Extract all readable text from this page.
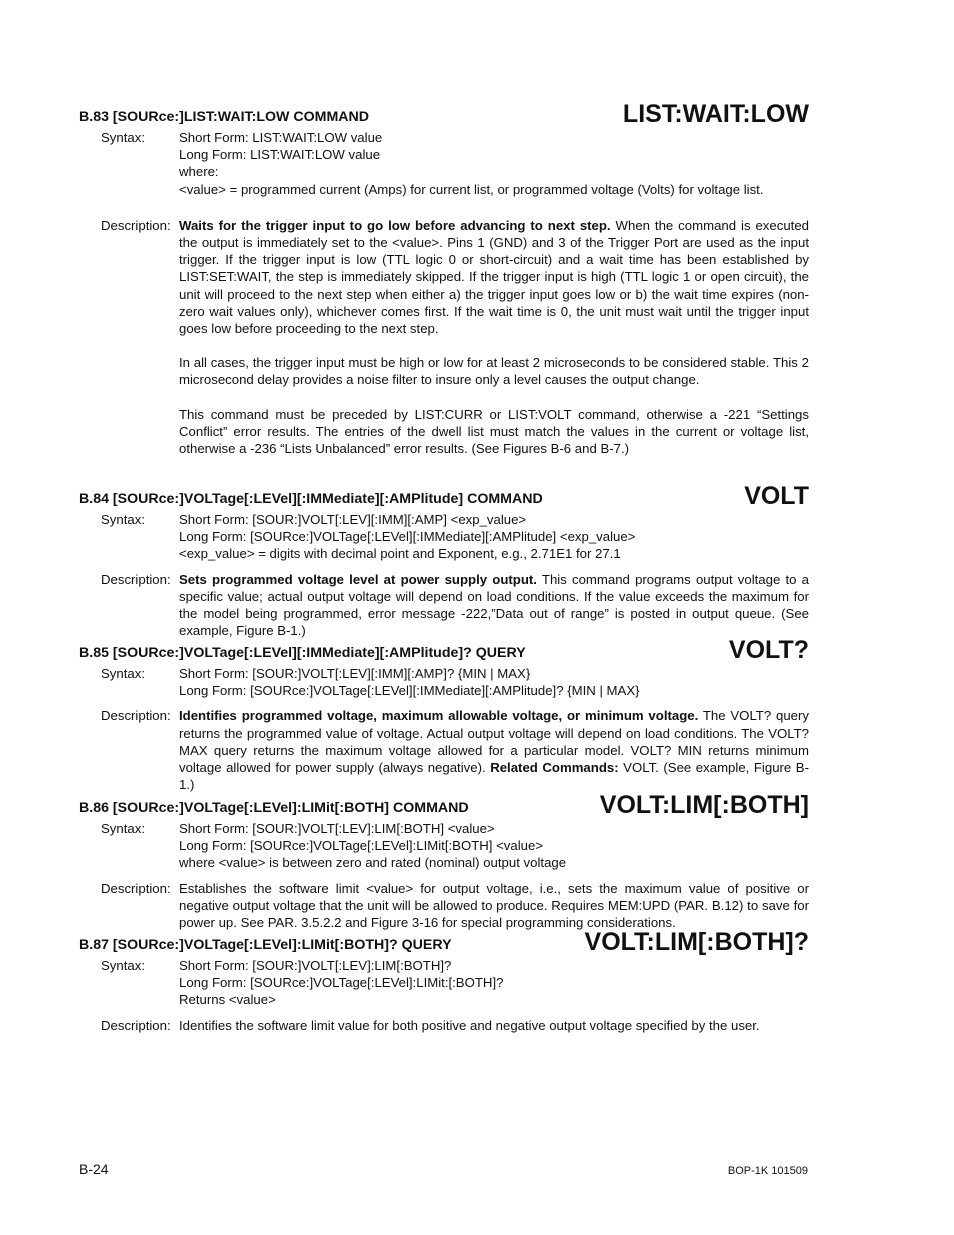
B.83 [SOURce:]LIST:WAIT:LOW COMMAND	LIST:WAIT:LOW
Syntax:	Short Form: LIST:WAIT:LOW value
Long Form: LIST:WAIT:LOW value
where:
<value> = programmed current (Amps) for current list, or programmed voltage (Volts) for voltage list.
Description: Waits for the trigger input to go low before advancing to next step. When the command is executed the output is immediately set to the <value>. Pins 1 (GND) and 3 of the Trigger Port are used as the input trigger. If the trigger input is low (TTL logic 0 or short-circuit) and a wait time has been established by LIST:SET:WAIT, the step is immediately skipped. If the trigger input is high (TTL logic 1 or open circuit), the unit will proceed to the next step when either a) the trigger input goes low or b) the wait time expires (non-zero wait values only), whichever comes first. If the wait time is 0, the unit must wait until the trigger input goes low before proceeding to the next step.
In all cases, the trigger input must be high or low for at least 2 microseconds to be considered stable. This 2 microsecond delay provides a noise filter to insure only a level causes the output change.
This command must be preceded by LIST:CURR or LIST:VOLT command, otherwise a -221 “Settings Conflict” error results. The entries of the dwell list must match the values in the current or voltage list, otherwise a -236 “Lists Unbalanced” error results. (See Figures B-6 and B-7.)
B.84 [SOURce:]VOLTage[:LEVel][:IMMediate][:AMPlitude] COMMAND	VOLT
Syntax:	Short Form: [SOUR:]VOLT[:LEV][:IMM][:AMP] <exp_value>
Long Form: [SOURce:]VOLTage[:LEVel][:IMMediate][:AMPlitude] <exp_value>
<exp_value> = digits with decimal point and Exponent, e.g., 2.71E1 for 27.1
Description: Sets programmed voltage level at power supply output. This command programs output voltage to a specific value; actual output voltage will depend on load conditions. If the value exceeds the maximum for the model being programmed, error message -222,”Data out of range” is posted in output queue. (See example, Figure B-1.)
B.85 [SOURce:]VOLTage[:LEVel][:IMMediate][:AMPlitude]? QUERY	VOLT?
Syntax:	Short Form: [SOUR:]VOLT[:LEV][:IMM][:AMP]? {MIN | MAX}
Long Form: [SOURce:]VOLTage[:LEVel][:IMMediate][:AMPlitude]? {MIN | MAX}
Description: Identifies programmed voltage, maximum allowable voltage, or minimum voltage. The VOLT? query returns the programmed value of voltage. Actual output voltage will depend on load conditions. The VOLT?MAX query returns the maximum voltage allowed for a particular model. VOLT? MIN returns minimum voltage allowed for power supply (always negative). Related Commands: VOLT. (See example, Figure B-1.)
B.86 [SOURce:]VOLTage[:LEVel]:LIMit[:BOTH] COMMAND	VOLT:LIM[:BOTH]
Syntax:	Short Form: [SOUR:]VOLT[:LEV]:LIM[:BOTH] <value>
Long Form: [SOURce:]VOLTage[:LEVel]:LIMit[:BOTH] <value>
where <value> is between zero and rated (nominal) output voltage
Description: Establishes the software limit <value> for output voltage, i.e., sets the maximum value of positive or negative output voltage that the unit will be allowed to produce. Requires MEM:UPD (PAR. B.12) to save for power up. See PAR. 3.5.2.2 and Figure 3-16 for special programming considerations.
B.87 [SOURce:]VOLTage[:LEVel]:LIMit[:BOTH]? QUERY	VOLT:LIM[:BOTH]?
Syntax:	Short Form: [SOUR:]VOLT[:LEV]:LIM[:BOTH]?
Long Form: [SOURce:]VOLTage[:LEVel]:LIMit:[:BOTH]?
Returns <value>
Description: Identifies the software limit value for both positive and negative output voltage specified by the user.
B-24	BOP-1K 101509
